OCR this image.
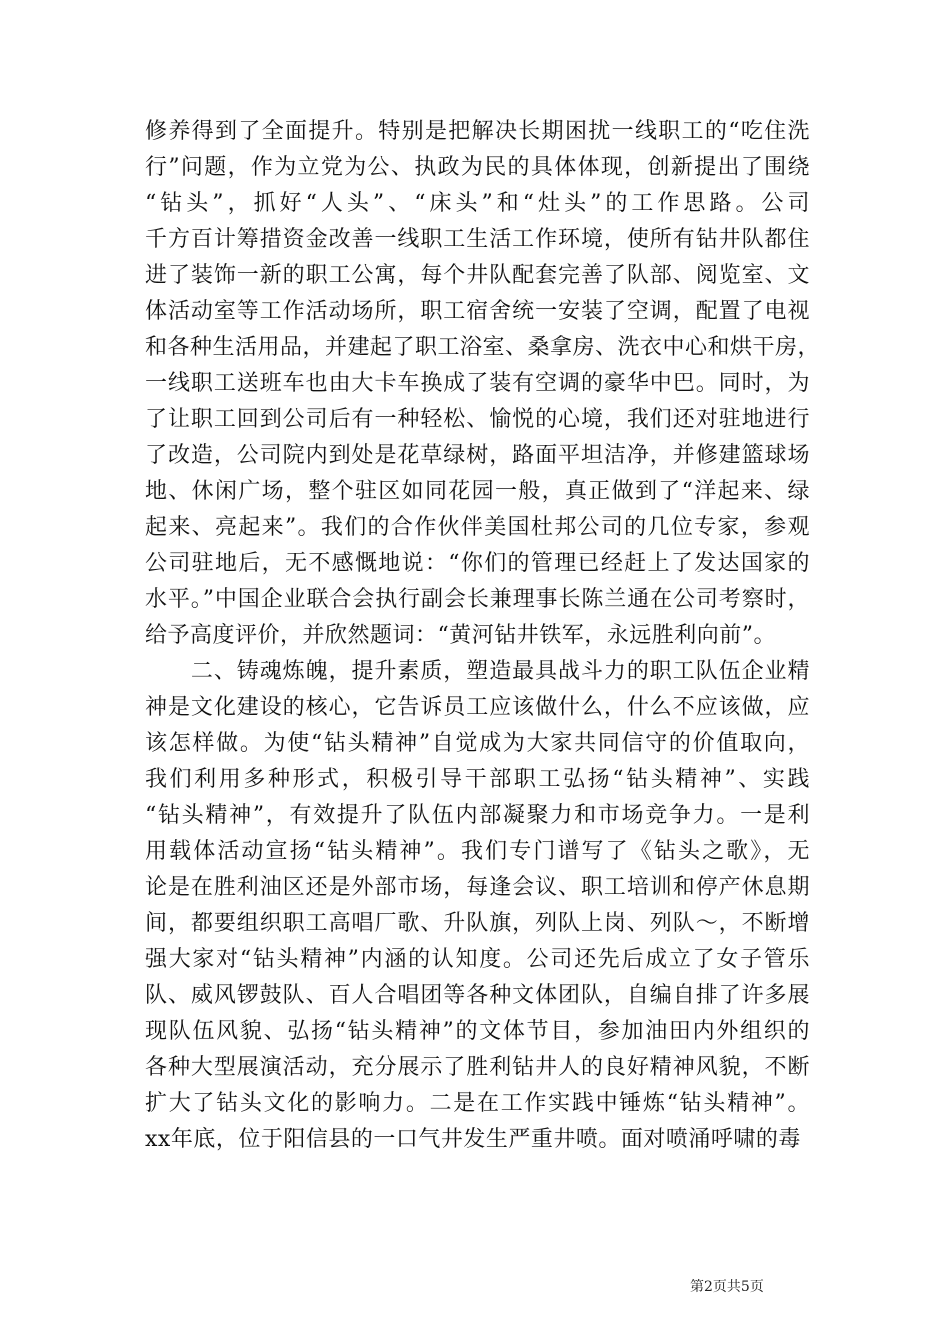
修养得到了全面提升。特别是把解决长期困扰一线职工的“吃住洗
行”问题，作为立党为公、执政为民的具体体现，创新提出了围绕
“钻头”，抓好“人头”、“床头”和“灶头”的工作思路。公司
千方百计筹措资金改善一线职工生活工作环境，使所有钻井队都住
进了装饰一新的职工公寓，每个井队配套完善了队部、阅览室、文
体活动室等工作活动场所，职工宿舍统一安装了空调，配置了电视
和各种生活用品，并建起了职工浴室、桑拿房、洗衣中心和烘干房，
一线职工送班车也由大卡车换成了装有空调的豪华中巴。同时，为
了让职工回到公司后有一种轻松、愉悦的心境，我们还对驻地进行
了改造，公司院内到处是花草绿树，路面平坦洁净，并修建篮球场
地、休闲广场，整个驻区如同花园一般，真正做到了“洋起来、绿
起来、亮起来”。我们的合作伙伴美国杜邦公司的几位专家，参观
公司驻地后，无不感慨地说：“你们的管理已经赶上了发达国家的
水平。”中国企业联合会执行副会长兼理事长陈兰通在公司考察时，
给予高度评价，并欣然题词：“黄河钻井铁军，永远胜利向前”。
　　二、铸魂炼魄，提升素质，塑造最具战斗力的职工队伍企业精
神是文化建设的核心，它告诉员工应该做什么，什么不应该做，应
该怎样做。为使“钻头精神”自觉成为大家共同信守的价值取向，
我们利用多种形式，积极引导干部职工弘扬“钻头精神”、实践
“钻头精神”，有效提升了队伍内部凝聚力和市场竞争力。一是利
用载体活动宣扬“钻头精神”。我们专门谱写了《钻头之歌》，无
论是在胜利油区还是外部市场，每逢会议、职工培训和停产休息期
间，都要组织职工高唱厂歌、升队旗，列队上岗、列队～，不断增
强大家对“钻头精神”内涵的认知度。公司还先后成立了女子管乐
队、威风锣鼓队、百人合唱团等各种文体团队，自编自排了许多展
现队伍风貌、弘扬“钻头精神”的文体节目，参加油田内外组织的
各种大型展演活动，充分展示了胜利钻井人的良好精神风貌，不断
扩大了钻头文化的影响力。二是在工作实践中锤炼“钻头精神”。
xx年底，位于阳信县的一口气井发生严重井喷。面对喷涌呼啸的毒
第2页共5页
